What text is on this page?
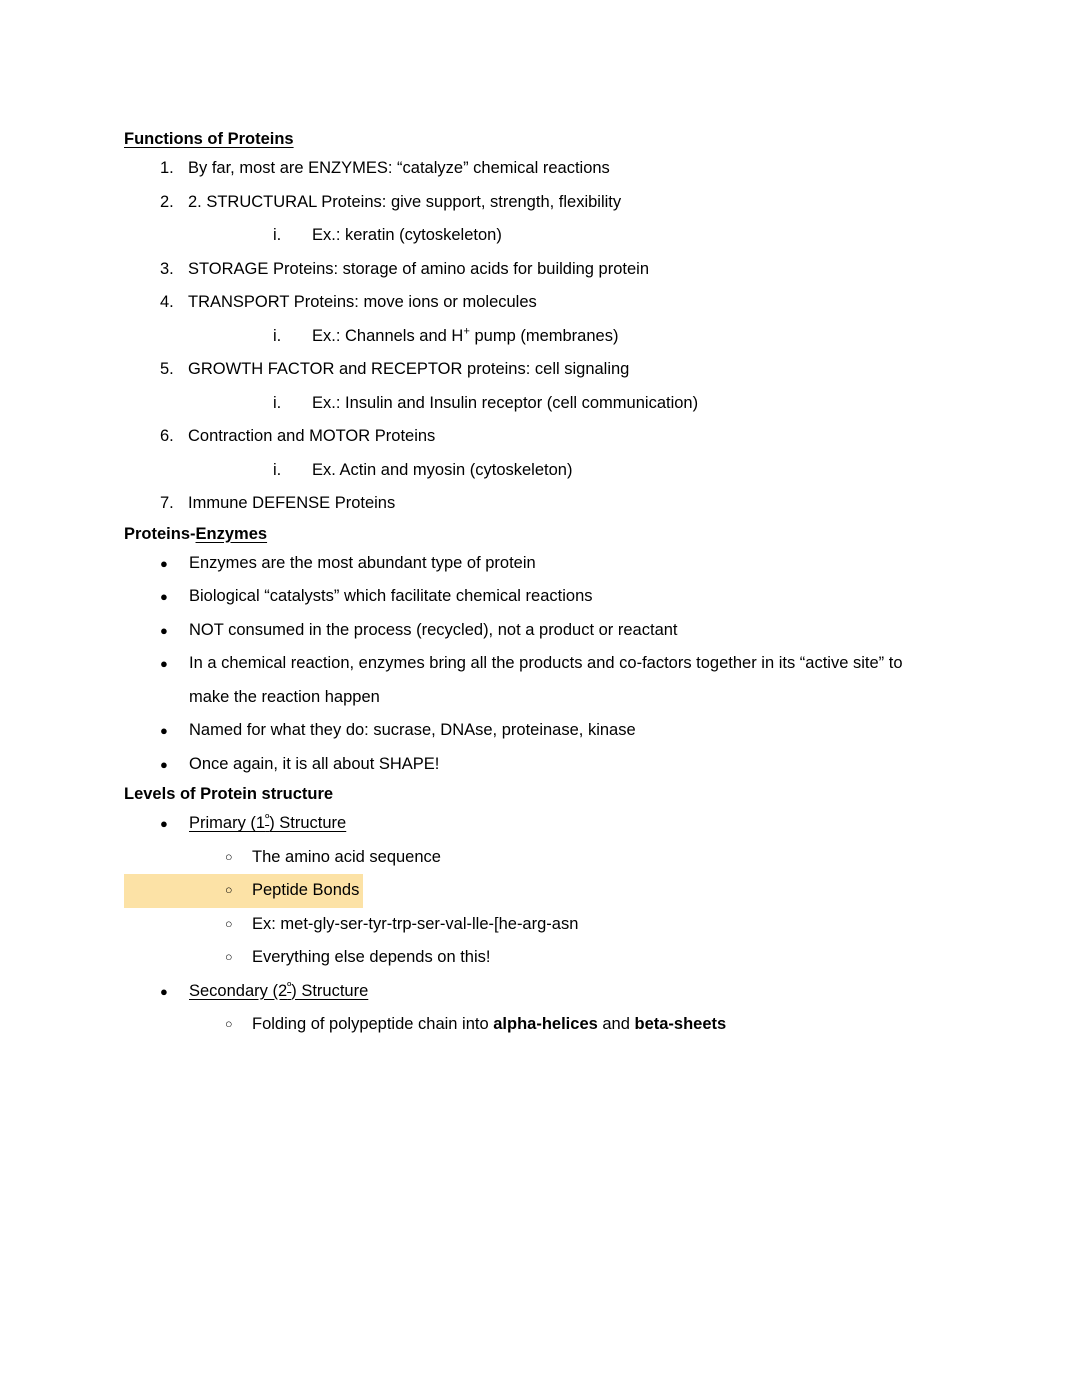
Functions of Proteins
1. By far, most are ENZYMES: “catalyze” chemical reactions
2. 2. STRUCTURAL Proteins: give support, strength, flexibility
i. Ex.: keratin (cytoskeleton)
3. STORAGE Proteins: storage of amino acids for building protein
4. TRANSPORT Proteins: move ions or molecules
i. Ex.: Channels and H+ pump (membranes)
5. GROWTH FACTOR and RECEPTOR proteins: cell signaling
i. Ex.: Insulin and Insulin receptor (cell communication)
6. Contraction and MOTOR Proteins
i. Ex. Actin and myosin (cytoskeleton)
7. Immune DEFENSE Proteins
Proteins-Enzymes
● Enzymes are the most abundant type of protein
● Biological “catalysts” which facilitate chemical reactions
● NOT consumed in the process (recycled), not a product or reactant
● In a chemical reaction, enzymes bring all the products and co-factors together in its “active site” to make the reaction happen
● Named for what they do: sucrase, DNAse, proteinase, kinase
● Once again, it is all about SHAPE!
Levels of Protein structure
● Primary $(1^º)$ Structure
○ The amino acid sequence
○ Peptide Bonds
○ Ex: met-gly-ser-tyr-trp-ser-val-lle-[he-arg-asn
○ Everything else depends on this!
● Secondary $(2^º)$ Structure
○ Folding of polypeptide chain into alpha-helices and beta-sheets
